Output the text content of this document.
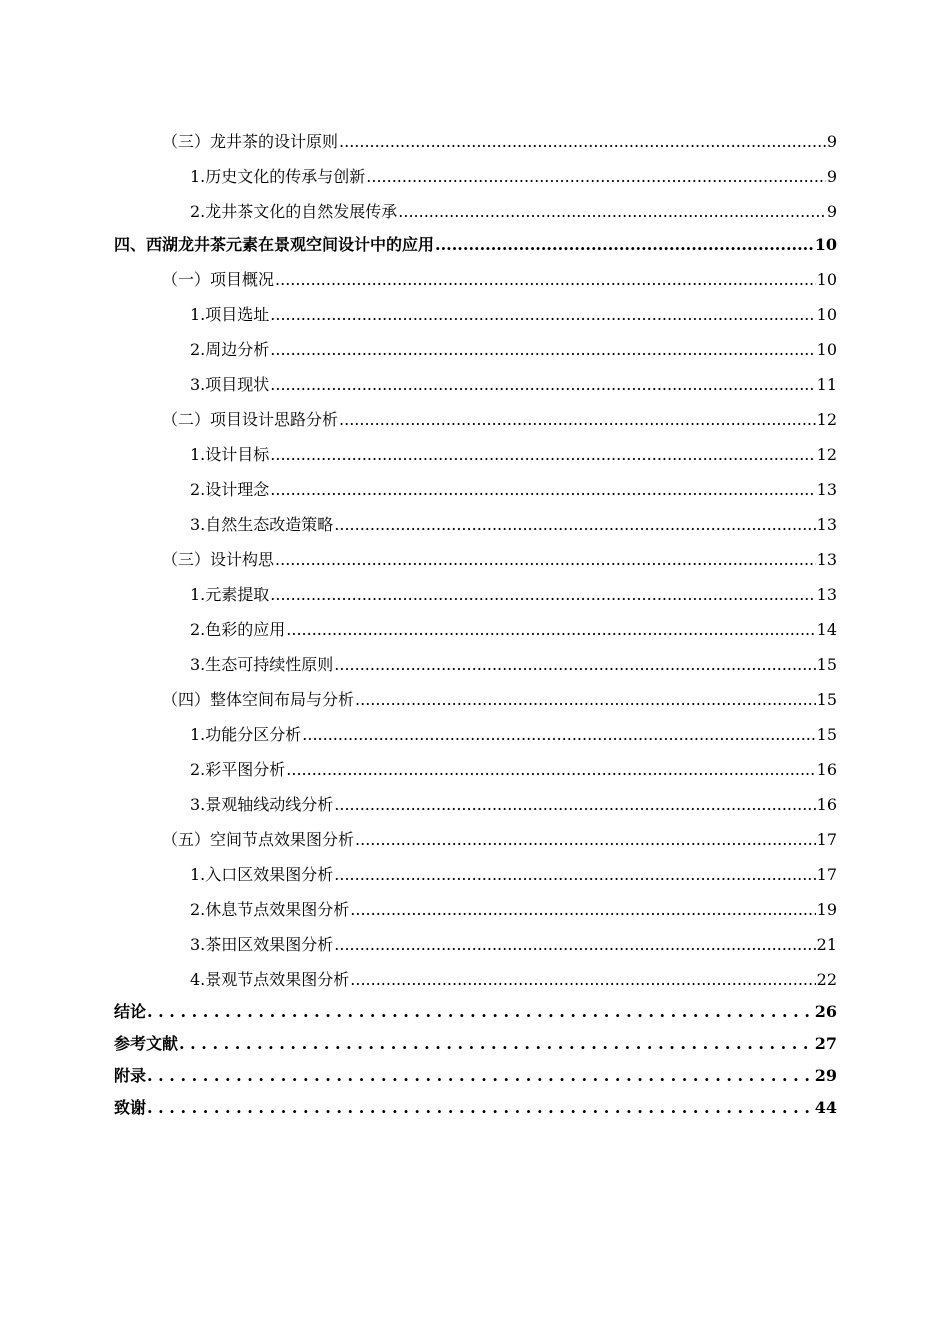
（三）龙井茶的设计原则 .....	9
1.历史文化的传承与创新 .....	9
2.龙井茶文化的自然发展传承 .....	9
四、西湖龙井茶元素在景观空间设计中的应用 .....	10
（一）项目概况 .....	10
1.项目选址 .....	10
2.周边分析 .....	10
3.项目现状 .....	11
（二）项目设计思路分析 .....	12
1.设计目标 .....	12
2.设计理念 .....	13
3.自然生态改造策略 .....	13
（三）设计构思 .....	13
1.元素提取 .....	13
2.色彩的应用 .....	14
3.生态可持续性原则 .....	15
（四）整体空间布局与分析 .....	15
1.功能分区分析 .....	15
2.彩平图分析 .....	16
3.景观轴线动线分析 .....	16
（五）空间节点效果图分析 .....	17
1.入口区效果图分析 .....	17
2.休息节点效果图分析 .....	19
3.茶田区效果图分析 .....	21
4.景观节点效果图分析 .....	22
结论 . . .	26
参考文献 . . .	27
附录 . . .	29
致谢 . . .	44
